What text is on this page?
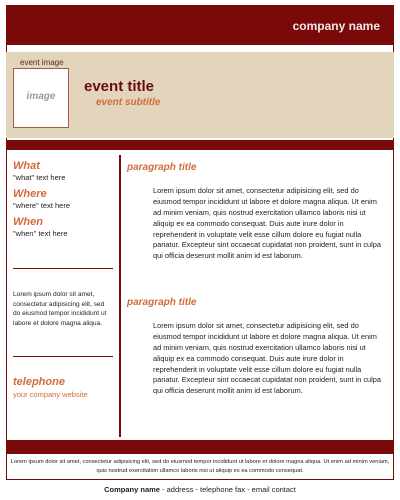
company name
event image
image
event title
event subtitle
What
"what" text here
Where
"where" text here
When
"when" text here
Lorem ipsum dolor sit amet, consectetur adipisicing elit, sed do eiusmod tempor incididunt ut labore et dolore magna aliqua.
telephone
your company website
paragraph title
Lorem ipsum dolor sit amet, consectetur adipisicing elit, sed do eiusmod tempor incididunt ut labore et dolore magna aliqua. Ut enim ad minim veniam, quis nostrud exercitation ullamco laboris nisi ut aliquip ex ea commodo consequat. Duis aute irure dolor in reprehenderit in voluptate velit esse cillum dolore eu fugiat nulla pariatur. Excepteur sint occaecat cupidatat non proident, sunt in culpa qui officia deserunt mollit anim id est laborum.
paragraph title
Lorem ipsum dolor sit amet, consectetur adipisicing elit, sed do eiusmod tempor incididunt ut labore et dolore magna aliqua. Ut enim ad minim veniam, quis nostrud exercitation ullamco laboris nisi ut aliquip ex ea commodo consequat. Duis aute irure dolor in reprehenderit in voluptate velit esse cillum dolore eu fugiat nulla pariatur. Excepteur sint occaecat cupidatat non proident, sunt in culpa qui officia deserunt mollit anim id est laborum.
Lorem ipsum dolor sit amet, consectetur adipisicing elit, sed do eiusmod tempor incididunt ut labore et dolore magna aliqua. Ut enim ad minim veniam, quis nostrud exercitation ullamco laboris nisi ut aliquip ex ea commodo consequat.
Company name - address - telephone fax - email contact
